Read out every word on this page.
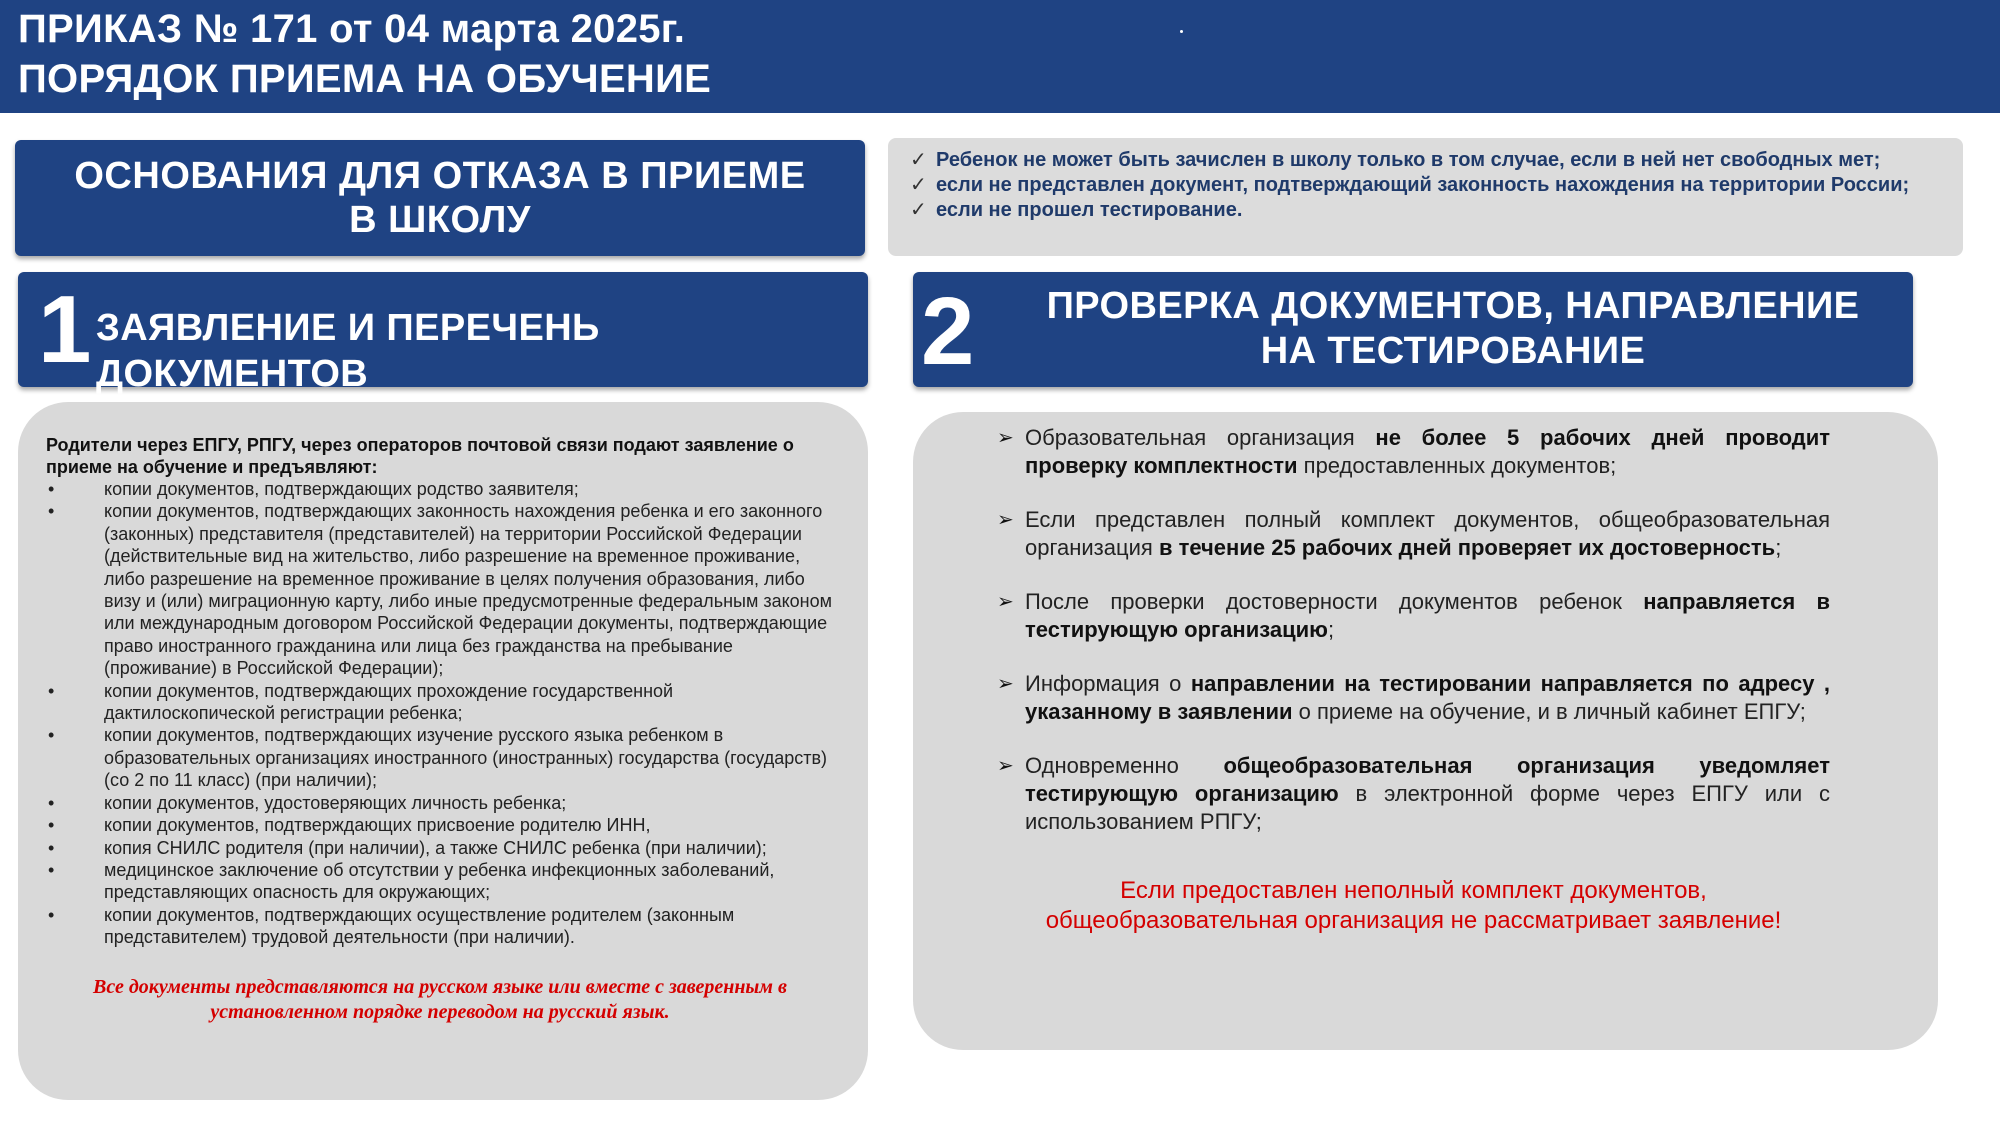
ПРИКАЗ № 171 от 04 марта 2025г.
ПОРЯДОК ПРИЕМА НА ОБУЧЕНИЕ
ОСНОВАНИЯ ДЛЯ ОТКАЗА В ПРИЕМЕ
В ШКОЛУ
✓ Ребенок не может быть зачислен в школу только в том случае, если в ней нет свободных мет;
✓ если не представлен документ, подтверждающий законность нахождения на территории России;
✓ если не прошел тестирование.
1 ЗАЯВЛЕНИЕ И ПЕРЕЧЕНЬ ДОКУМЕНТОВ	2	ПРОВЕРКА ДОКУМЕНТОВ, НАПРАВЛЕНИЕ
НА ТЕСТИРОВАНИЕ
Родители через ЕПГУ, РПГУ, через операторов почтовой связи подают заявление о приеме на обучение и предъявляют:
•	копии документов, подтверждающих родство заявителя;
•	копии документов, подтверждающих законность нахождения ребенка и его законного (законных) представителя (представителей) на территории Российской Федерации (действительные вид на жительство, либо разрешение на временное проживание, либо разрешение на временное проживание в целях получения образования, либо визу и (или) миграционную карту, либо иные предусмотренные федеральным законом или международным договором Российской Федерации документы, подтверждающие право иностранного гражданина или лица без гражданства на пребывание (проживание) в Российской Федерации);
•	копии документов, подтверждающих прохождение государственной дактилоскопической регистрации ребенка;
•	копии документов, подтверждающих изучение русского языка ребенком в образовательных организациях иностранного (иностранных) государства (государств) (со 2 по 11 класс) (при наличии);
•	копии документов, удостоверяющих личность ребенка;
•	копии документов, подтверждающих присвоение родителю ИНН,
•	копия СНИЛС родителя (при наличии), а также СНИЛС ребенка (при наличии);
•	медицинское заключение об отсутствии у ребенка инфекционных заболеваний, представляющих опасность для окружающих;
•	копии документов, подтверждающих осуществление родителем (законным представителем) трудовой деятельности (при наличии).
Все документы представляются на русском языке или вместе с заверенным в установленном порядке переводом на русский язык.
➢ Образовательная организация не более 5 рабочих дней проводит проверку комплектности предоставленных документов;
➢ Если представлен полный комплект документов, общеобразовательная организация в течение 25 рабочих дней проверяет их достоверность;
➢ После проверки достоверности документов ребенок направляется в тестирующую организацию;
➢ Информация о направлении на тестировании направляется по адресу , указанному в заявлении о приеме на обучение, и в личный кабинет ЕПГУ;
➢ Одновременно общеобразовательная организация уведомляет тестирующую организацию в электронной форме через ЕПГУ или с использованием РПГУ;
Если предоставлен неполный комплект документов, общеобразовательная организация не рассматривает заявление!
